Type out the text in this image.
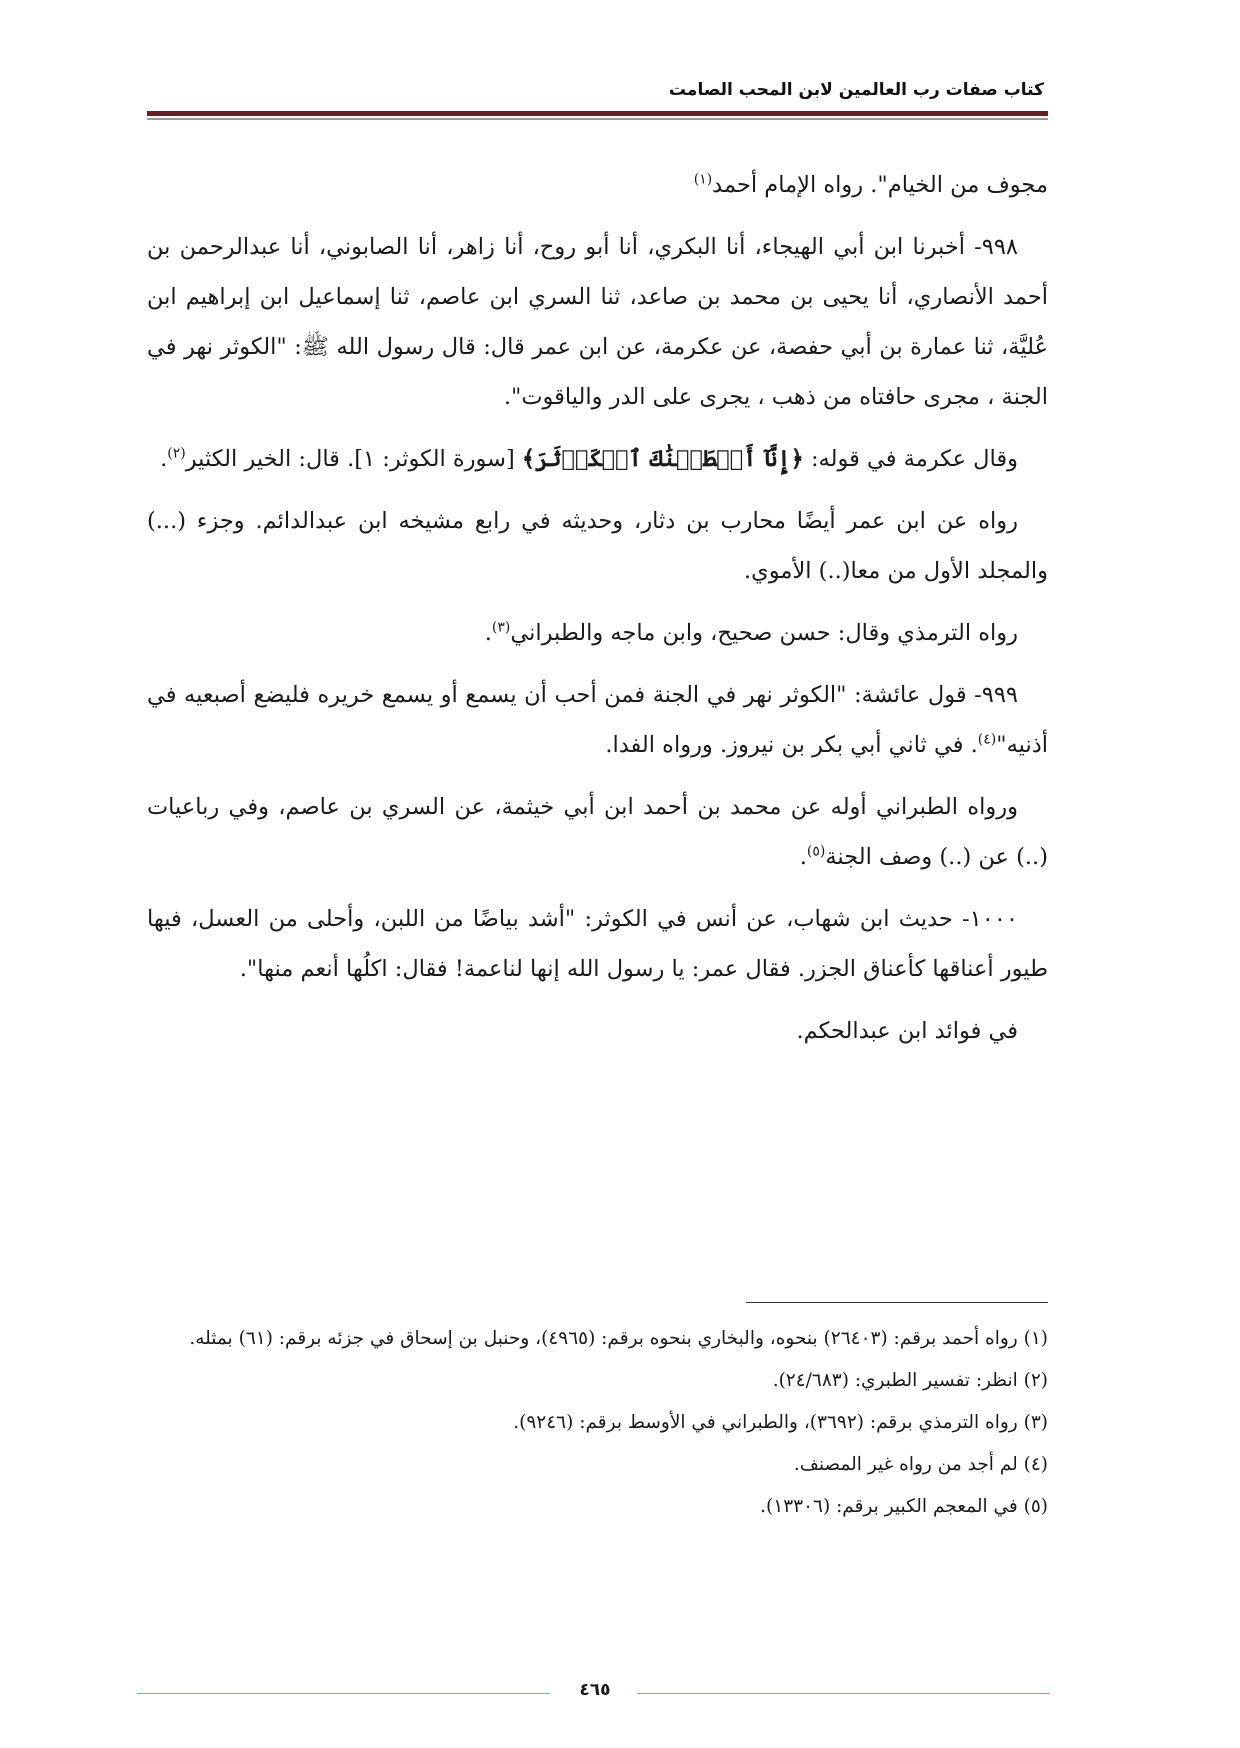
كتاب صفات رب العالمين لابن المحب الصامت

مجوف من الخيام". رواه الإمام أحمد$^{(١)}$

٩٩٨- أخبرنا ابن أبي الهيجاء، أنا البكري، أنا أبو روح، أنا زاهر، أنا الصابوني، أنا عبدالرحمن بن أحمد الأنصاري، أنا يحيى بن محمد بن صاعد، ثنا السري ابن عاصم، ثنا إسماعيل ابن إبراهيم ابن عُليَّة، ثنا عمارة بن أبي حفصة، عن عكرمة، عن ابن عمر قال: قال رسول الله ﷺ: "الكوثر نهر في الجنة ، مجرى حافتاه من ذهب ، يجرى على الدر والياقوت".

وقال عكرمة في قوله: ﴿إِنَّآ أَعۡطَيۡنَٰكَ ٱلۡكَوۡثَرَ﴾ [سورة الكوثر: ١]. قال: الخير الكثير$^{(٢)}$.

رواه عن ابن عمر أيضًا محارب بن دثار، وحديثه في رابع مشيخه ابن عبدالدائم. وجزء (...) والمجلد الأول من معا(..) الأموي.

رواه الترمذي وقال: حسن صحيح، وابن ماجه والطبراني$^{(٣)}$.

٩٩٩- قول عائشة: "الكوثر نهر في الجنة فمن أحب أن يسمع أو يسمع خريره فليضع أصبعيه في أذنيه"$^{(٤)}$. في ثاني أبي بكر بن نيروز. ورواه الفدا.

ورواه الطبراني أوله عن محمد بن أحمد ابن أبي خيثمة، عن السري بن عاصم، وفي رباعيات (..) عن (..) وصف الجنة$^{(٥)}$.

١٠٠٠- حديث ابن شهاب، عن أنس في الكوثر: "أشد بياضًا من اللبن، وأحلى من العسل، فيها طيور أعناقها كأعناق الجزر. فقال عمر: يا رسول الله إنها لناعمة! فقال: اكلُها أنعم منها".

في فوائد ابن عبدالحكم.

(١) رواه أحمد برقم: (٢٦٤٠٣) بنحوه، والبخاري بنحوه برقم: (٤٩٦٥)، وحنبل بن إسحاق في جزئه برقم: (٦١) بمثله.

(٢) انظر: تفسير الطبري: (٢٤/٦٨٣).

(٣) رواه الترمذي برقم: (٣٦٩٢)، والطبراني في الأوسط برقم: (٩٢٤٦).

(٤) لم أجد من رواه غير المصنف.

(٥) في المعجم الكبير برقم: (١٣٣٠٦).

٤٦٥
